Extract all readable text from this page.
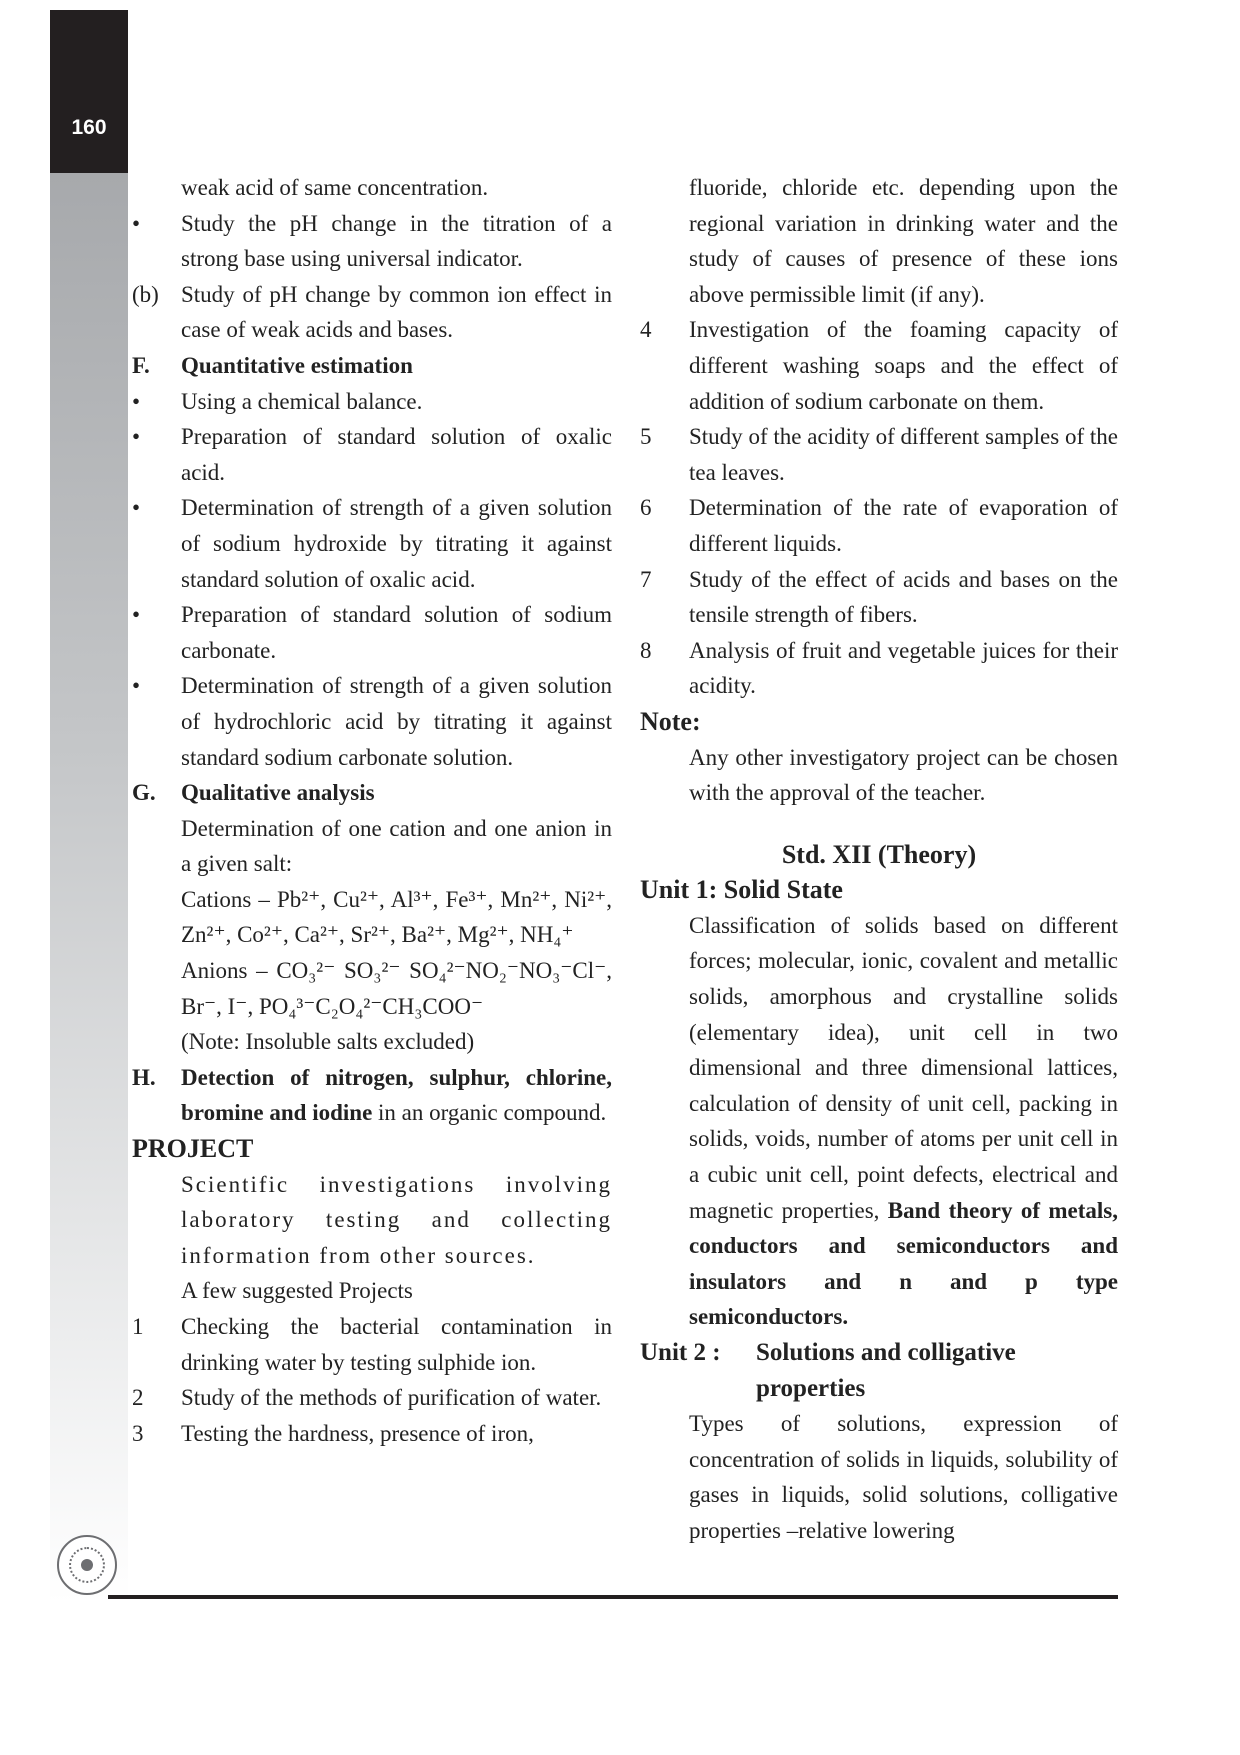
160
weak acid of same concentration.
•	Study the pH change in the titration of a strong base using universal indicator.
(b) Study of pH change by common ion effect in case of weak acids and bases.
F.	Quantitative estimation
•	Using a chemical balance.
•	Preparation of standard solution of oxalic acid.
•	Determination of strength of a given solution of sodium hydroxide by titrating it against standard solution of oxalic acid.
•	Preparation of standard solution of sodium carbonate.
•	Determination of strength of a given solution of hydrochloric acid by titrating it against standard sodium carbonate solution.
G.	Qualitative analysis
Determination of one cation and one anion in a given salt:
Cations – Pb²⁺, Cu²⁺, Al³⁺, Fe³⁺, Mn²⁺, Ni²⁺, Zn²⁺, Co²⁺, Ca²⁺, Sr²⁺, Ba²⁺, Mg²⁺, NH₄⁺
Anions – CO₃²⁻ SO₃²⁻ SO₄²⁻NO₂⁻NO₃⁻Cl⁻, Br⁻, I⁻, PO₄³⁻C₂O₄²⁻CH₃COO⁻
(Note: Insoluble salts excluded)
H.	Detection of nitrogen, sulphur, chlorine, bromine and iodine in an organic compound.
PROJECT
Scientific investigations involving laboratory testing and collecting information from other sources.
A few suggested Projects
1	Checking the bacterial contamination in drinking water by testing sulphide ion.
2	Study of the methods of purification of water.
3	Testing the hardness, presence of iron,
fluoride, chloride etc. depending upon the regional variation in drinking water and the study of causes of presence of these ions above permissible limit (if any).
4	Investigation of the foaming capacity of different washing soaps and the effect of addition of sodium carbonate on them.
5	Study of the acidity of different samples of the tea leaves.
6	Determination of the rate of evaporation of different liquids.
7	Study of the effect of acids and bases on the tensile strength of fibers.
8	Analysis of fruit and vegetable juices for their acidity.
Note:
Any other investigatory project can be chosen with the approval of the teacher.
Std. XII (Theory)
Unit 1: Solid State
Classification of solids based on different forces; molecular, ionic, covalent and metallic solids, amorphous and crystalline solids (elementary idea), unit cell in two dimensional and three dimensional lattices, calculation of density of unit cell, packing in solids, voids, number of atoms per unit cell in a cubic unit cell, point defects, electrical and magnetic properties, Band theory of metals, conductors and semiconductors and insulators and n and p type semiconductors.
Unit 2 :	Solutions and colligative properties
Types of solutions, expression of concentration of solids in liquids, solubility of gases in liquids, solid solutions, colligative properties –relative lowering
